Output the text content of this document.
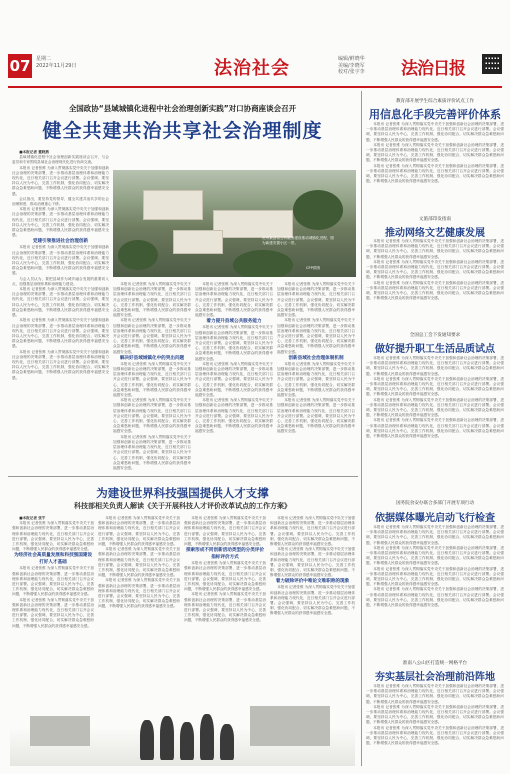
07	星期二
2022年11月29日	法治社会	编辑/鲜晓华
美编/李晓军
校对/张宇李 法治日报
全国政协“县域城镇化进程中社会治理创新实践”对口协商座谈会召开
健全共建共治共享社会治理制度

■本报记者 董晓燕

县域城镇化进程中社会治理创新实践座谈会召开，与会委员和专家围绕县域社会治理现代化进行协商交流。

本报讯 记者张维 为深入贯彻落实党中央关于加强和创新社会治理的决策部署，进一步推动基层治理体系和治理能力现代化，近日相关部门召开会议进行部署。会议强调，要坚持以人民为中心，完善工作机制，强化协同配合，切实解决群众急难愁盼问题，不断增强人民群众的获得感幸福感安全感。

会议指出，要坚持党的领导，健全共建共治共享的社会治理制度，推动治理重心下移。

本报讯 记者张维 为深入贯彻落实党中央关于加强和创新社会治理的决策部署，进一步推动基层治理体系和治理能力现代化，近日相关部门召开会议进行部署。会议强调，要坚持以人民为中心，完善工作机制，强化协同配合，切实解决群众急难愁盼问题，不断增强人民群众的获得感幸福感安全感。

党建引领推进社会治理创新

本报讯 记者张维 为深入贯彻落实党中央关于加强和创新社会治理的决策部署，进一步推动基层治理体系和治理能力现代化，近日相关部门召开会议进行部署。会议强调，要坚持以人民为中心，完善工作机制，强化协同配合，切实解决群众急难愁盼问题，不断增强人民群众的获得感幸福感安全感。

与会人员认为，要把县域作为城乡融合发展的重要切入点，加强基层治理体系和治理能力建设。

本报讯 记者张维 为深入贯彻落实党中央关于加强和创新社会治理的决策部署，进一步推动基层治理体系和治理能力现代化，近日相关部门召开会议进行部署。会议强调，要坚持以人民为中心，完善工作机制，强化协同配合，切实解决群众急难愁盼问题，不断增强人民群众的获得感幸福感安全感。

本报讯 记者张维 为深入贯彻落实党中央关于加强和创新社会治理的决策部署，进一步推动基层治理体系和治理能力现代化，近日相关部门召开会议进行部署。会议强调，要坚持以人民为中心，完善工作机制，强化协同配合，切实解决群众急难愁盼问题，不断增强人民群众的获得感幸福感安全感。

本报讯 记者张维 为深入贯彻落实党中央关于加强和创新社会治理的决策部署，进一步推动基层治理体系和治理能力现代化，近日相关部门召开会议进行部署。会议强调，要坚持以人民为中心，完善工作机制，强化协同配合，切实解决群众急难愁盼问题，不断增强人民群众的获得感幸福感安全感。

贵州某县以公共服务建设推动城镇化进程，图为新建安置小区一景。
CFP供图

本报讯 记者张维 为深入贯彻落实党中央关于加强和创新社会治理的决策部署，进一步推动基层治理体系和治理能力现代化，近日相关部门召开会议进行部署。会议强调，要坚持以人民为中心，完善工作机制，强化协同配合，切实解决群众急难愁盼问题，不断增强人民群众的获得感幸福感安全感。

本报讯 记者张维 为深入贯彻落实党中央关于加强和创新社会治理的决策部署，进一步推动基层治理体系和治理能力现代化，近日相关部门召开会议进行部署。会议强调，要坚持以人民为中心，完善工作机制，强化协同配合，切实解决群众急难愁盼问题，不断增强人民群众的获得感幸福感安全感。

解决好县域城镇化中的突出问题

本报讯 记者张维 为深入贯彻落实党中央关于加强和创新社会治理的决策部署，进一步推动基层治理体系和治理能力现代化，近日相关部门召开会议进行部署。会议强调，要坚持以人民为中心，完善工作机制，强化协同配合，切实解决群众急难愁盼问题，不断增强人民群众的获得感幸福感安全感。

本报讯 记者张维 为深入贯彻落实党中央关于加强和创新社会治理的决策部署，进一步推动基层治理体系和治理能力现代化，近日相关部门召开会议进行部署。会议强调，要坚持以人民为中心，完善工作机制，强化协同配合，切实解决群众急难愁盼问题，不断增强人民群众的获得感幸福感安全感。

本报讯 记者张维 为深入贯彻落实党中央关于加强和创新社会治理的决策部署，进一步推动基层治理体系和治理能力现代化，近日相关部门召开会议进行部署。会议强调，要坚持以人民为中心，完善工作机制，强化协同配合，切实解决群众急难愁盼问题，不断增强人民群众的获得感幸福感安全感。

本报讯 记者张维 为深入贯彻落实党中央关于加强和创新社会治理的决策部署，进一步推动基层治理体系和治理能力现代化，近日相关部门召开会议进行部署。会议强调，要坚持以人民为中心，完善工作机制，强化协同配合，切实解决群众急难愁盼问题，不断增强人民群众的获得感幸福感安全感。

着力提升县域公共服务能力

本报讯 记者张维 为深入贯彻落实党中央关于加强和创新社会治理的决策部署，进一步推动基层治理体系和治理能力现代化，近日相关部门召开会议进行部署。会议强调，要坚持以人民为中心，完善工作机制，强化协同配合，切实解决群众急难愁盼问题，不断增强人民群众的获得感幸福感安全感。

本报讯 记者张维 为深入贯彻落实党中央关于加强和创新社会治理的决策部署，进一步推动基层治理体系和治理能力现代化，近日相关部门召开会议进行部署。会议强调，要坚持以人民为中心，完善工作机制，强化协同配合，切实解决群众急难愁盼问题，不断增强人民群众的获得感幸福感安全感。

本报讯 记者张维 为深入贯彻落实党中央关于加强和创新社会治理的决策部署，进一步推动基层治理体系和治理能力现代化，近日相关部门召开会议进行部署。会议强调，要坚持以人民为中心，完善工作机制，强化协同配合，切实解决群众急难愁盼问题，不断增强人民群众的获得感幸福感安全感。

本报讯 记者张维 为深入贯彻落实党中央关于加强和创新社会治理的决策部署，进一步推动基层治理体系和治理能力现代化，近日相关部门召开会议进行部署。会议强调，要坚持以人民为中心，完善工作机制，强化协同配合，切实解决群众急难愁盼问题，不断增强人民群众的获得感幸福感安全感。

本报讯 记者张维 为深入贯彻落实党中央关于加强和创新社会治理的决策部署，进一步推动基层治理体系和治理能力现代化，近日相关部门召开会议进行部署。会议强调，要坚持以人民为中心，完善工作机制，强化协同配合，切实解决群众急难愁盼问题，不断增强人民群众的获得感幸福感安全感。

创新县域社会治理体制机制

本报讯 记者张维 为深入贯彻落实党中央关于加强和创新社会治理的决策部署，进一步推动基层治理体系和治理能力现代化，近日相关部门召开会议进行部署。会议强调，要坚持以人民为中心，完善工作机制，强化协同配合，切实解决群众急难愁盼问题，不断增强人民群众的获得感幸福感安全感。

本报讯 记者张维 为深入贯彻落实党中央关于加强和创新社会治理的决策部署，进一步推动基层治理体系和治理能力现代化，近日相关部门召开会议进行部署。会议强调，要坚持以人民为中心，完善工作机制，强化协同配合，切实解决群众急难愁盼问题，不断增强人民群众的获得感幸福感安全感。

为建设世界科技强国提供人才支撑
科技部相关负责人解读《关于开展科技人才评价改革试点的工作方案》

■本报记者 张宇

本报讯 记者张维 为深入贯彻落实党中央关于加强和创新社会治理的决策部署，进一步推动基层治理体系和治理能力现代化，近日相关部门召开会议进行部署。会议强调，要坚持以人民为中心，完善工作机制，强化协同配合，切实解决群众急难愁盼问题，不断增强人民群众的获得感幸福感安全感。

为经济社会高质量发展和科技强国建设打好人才基础

本报讯 记者张维 为深入贯彻落实党中央关于加强和创新社会治理的决策部署，进一步推动基层治理体系和治理能力现代化，近日相关部门召开会议进行部署。会议强调，要坚持以人民为中心，完善工作机制，强化协同配合，切实解决群众急难愁盼问题，不断增强人民群众的获得感幸福感安全感。

本报讯 记者张维 为深入贯彻落实党中央关于加强和创新社会治理的决策部署，进一步推动基层治理体系和治理能力现代化，近日相关部门召开会议进行部署。会议强调，要坚持以人民为中心，完善工作机制，强化协同配合，切实解决群众急难愁盼问题，不断增强人民群众的获得感幸福感安全感。

本报讯 记者张维 为深入贯彻落实党中央关于加强和创新社会治理的决策部署，进一步推动基层治理体系和治理能力现代化，近日相关部门召开会议进行部署。会议强调，要坚持以人民为中心，完善工作机制，强化协同配合，切实解决群众急难愁盼问题，不断增强人民群众的获得感幸福感安全感。

本报讯 记者张维 为深入贯彻落实党中央关于加强和创新社会治理的决策部署，进一步推动基层治理体系和治理能力现代化，近日相关部门召开会议进行部署。会议强调，要坚持以人民为中心，完善工作机制，强化协同配合，切实解决群众急难愁盼问题，不断增强人民群众的获得感幸福感安全感。

本报讯 记者张维 为深入贯彻落实党中央关于加强和创新社会治理的决策部署，进一步推动基层治理体系和治理能力现代化，近日相关部门召开会议进行部署。会议强调，要坚持以人民为中心，完善工作机制，强化协同配合，切实解决群众急难愁盼问题，不断增强人民群众的获得感幸福感安全感。

本报讯 记者张维 为深入贯彻落实党中央关于加强和创新社会治理的决策部署，进一步推动基层治理体系和治理能力现代化，近日相关部门召开会议进行部署。会议强调，要坚持以人民为中心，完善工作机制，强化协同配合，切实解决群众急难愁盼问题，不断增强人民群众的获得感幸福感安全感。

探索形成不同创新活动类型的分类评价指标评价方式

本报讯 记者张维 为深入贯彻落实党中央关于加强和创新社会治理的决策部署，进一步推动基层治理体系和治理能力现代化，近日相关部门召开会议进行部署。会议强调，要坚持以人民为中心，完善工作机制，强化协同配合，切实解决群众急难愁盼问题，不断增强人民群众的获得感幸福感安全感。

本报讯 记者张维 为深入贯彻落实党中央关于加强和创新社会治理的决策部署，进一步推动基层治理体系和治理能力现代化，近日相关部门召开会议进行部署。会议强调，要坚持以人民为中心，完善工作机制，强化协同配合，切实解决群众急难愁盼问题，不断增强人民群众的获得感幸福感安全感。

本报讯 记者张维 为深入贯彻落实党中央关于加强和创新社会治理的决策部署，进一步推动基层治理体系和治理能力现代化，近日相关部门召开会议进行部署。会议强调，要坚持以人民为中心，完善工作机制，强化协同配合，切实解决群众急难愁盼问题，不断增强人民群众的获得感幸福感安全感。

本报讯 记者张维 为深入贯彻落实党中央关于加强和创新社会治理的决策部署，进一步推动基层治理体系和治理能力现代化，近日相关部门召开会议进行部署。会议强调，要坚持以人民为中心，完善工作机制，强化协同配合，切实解决群众急难愁盼问题，不断增强人民群众的获得感幸福感安全感。

着力破除评价中唯论文唯职称的现象

本报讯 记者张维 为深入贯彻落实党中央关于加强和创新社会治理的决策部署，进一步推动基层治理体系和治理能力现代化，近日相关部门召开会议进行部署。会议强调，要坚持以人民为中心，完善工作机制，强化协同配合，切实解决群众急难愁盼问题，不断增强人民群众的获得感幸福感安全感。

教育部开展学生综合素质评价试点工作
用信息化手段完善评价体系

本报讯 记者张维 为深入贯彻落实党中央关于加强和创新社会治理的决策部署，进一步推动基层治理体系和治理能力现代化，近日相关部门召开会议进行部署。会议强调，要坚持以人民为中心，完善工作机制，强化协同配合，切实解决群众急难愁盼问题，不断增强人民群众的获得感幸福感安全感。

本报讯 记者张维 为深入贯彻落实党中央关于加强和创新社会治理的决策部署，进一步推动基层治理体系和治理能力现代化，近日相关部门召开会议进行部署。会议强调，要坚持以人民为中心，完善工作机制，强化协同配合，切实解决群众急难愁盼问题，不断增强人民群众的获得感幸福感安全感。

本报讯 记者张维 为深入贯彻落实党中央关于加强和创新社会治理的决策部署，进一步推动基层治理体系和治理能力现代化，近日相关部门召开会议进行部署。会议强调，要坚持以人民为中心，完善工作机制，强化协同配合，切实解决群众急难愁盼问题，不断增强人民群众的获得感幸福感安全感。

文旅部印发指南
推动网络文艺健康发展

本报讯 记者张维 为深入贯彻落实党中央关于加强和创新社会治理的决策部署，进一步推动基层治理体系和治理能力现代化，近日相关部门召开会议进行部署。会议强调，要坚持以人民为中心，完善工作机制，强化协同配合，切实解决群众急难愁盼问题，不断增强人民群众的获得感幸福感安全感。

本报讯 记者张维 为深入贯彻落实党中央关于加强和创新社会治理的决策部署，进一步推动基层治理体系和治理能力现代化，近日相关部门召开会议进行部署。会议强调，要坚持以人民为中心，完善工作机制，强化协同配合，切实解决群众急难愁盼问题，不断增强人民群众的获得感幸福感安全感。

本报讯 记者张维 为深入贯彻落实党中央关于加强和创新社会治理的决策部署，进一步推动基层治理体系和治理能力现代化，近日相关部门召开会议进行部署。会议强调，要坚持以人民为中心，完善工作机制，强化协同配合，切实解决群众急难愁盼问题，不断增强人民群众的获得感幸福感安全感。

全国总工会下发通知要求
做好提升职工生活品质试点

本报讯 记者张维 为深入贯彻落实党中央关于加强和创新社会治理的决策部署，进一步推动基层治理体系和治理能力现代化，近日相关部门召开会议进行部署。会议强调，要坚持以人民为中心，完善工作机制，强化协同配合，切实解决群众急难愁盼问题，不断增强人民群众的获得感幸福感安全感。

本报讯 记者张维 为深入贯彻落实党中央关于加强和创新社会治理的决策部署，进一步推动基层治理体系和治理能力现代化，近日相关部门召开会议进行部署。会议强调，要坚持以人民为中心，完善工作机制，强化协同配合，切实解决群众急难愁盼问题，不断增强人民群众的获得感幸福感安全感。

本报讯 记者张维 为深入贯彻落实党中央关于加强和创新社会治理的决策部署，进一步推动基层治理体系和治理能力现代化，近日相关部门召开会议进行部署。会议强调，要坚持以人民为中心，完善工作机制，强化协同配合，切实解决群众急难愁盼问题，不断增强人民群众的获得感幸福感安全感。

本报讯 记者张维 为深入贯彻落实党中央关于加强和创新社会治理的决策部署，进一步推动基层治理体系和治理能力现代化，近日相关部门召开会议进行部署。会议强调，要坚持以人民为中心，完善工作机制，强化协同配合，切实解决群众急难愁盼问题，不断增强人民群众的获得感幸福感安全感。

国务院食安办联合多部门开展专项行动
依据媒体曝光启动飞行检查

本报讯 记者张维 为深入贯彻落实党中央关于加强和创新社会治理的决策部署，进一步推动基层治理体系和治理能力现代化，近日相关部门召开会议进行部署。会议强调，要坚持以人民为中心，完善工作机制，强化协同配合，切实解决群众急难愁盼问题，不断增强人民群众的获得感幸福感安全感。

本报讯 记者张维 为深入贯彻落实党中央关于加强和创新社会治理的决策部署，进一步推动基层治理体系和治理能力现代化，近日相关部门召开会议进行部署。会议强调，要坚持以人民为中心，完善工作机制，强化协同配合，切实解决群众急难愁盼问题，不断增强人民群众的获得感幸福感安全感。

本报讯 记者张维 为深入贯彻落实党中央关于加强和创新社会治理的决策部署，进一步推动基层治理体系和治理能力现代化，近日相关部门召开会议进行部署。会议强调，要坚持以人民为中心，完善工作机制，强化协同配合，切实解决群众急难愁盼问题，不断增强人民群众的获得感幸福感安全感。

本报讯 记者张维 为深入贯彻落实党中央关于加强和创新社会治理的决策部署，进一步推动基层治理体系和治理能力现代化，近日相关部门召开会议进行部署。会议强调，要坚持以人民为中心，完善工作机制，强化协同配合，切实解决群众急难愁盼问题，不断增强人民群众的获得感幸福感安全感。

淮南八公山区打造统一网格平台
夯实基层社会治理前沿阵地

本报讯 记者张维 为深入贯彻落实党中央关于加强和创新社会治理的决策部署，进一步推动基层治理体系和治理能力现代化，近日相关部门召开会议进行部署。会议强调，要坚持以人民为中心，完善工作机制，强化协同配合，切实解决群众急难愁盼问题，不断增强人民群众的获得感幸福感安全感。

本报讯 记者张维 为深入贯彻落实党中央关于加强和创新社会治理的决策部署，进一步推动基层治理体系和治理能力现代化，近日相关部门召开会议进行部署。会议强调，要坚持以人民为中心，完善工作机制，强化协同配合，切实解决群众急难愁盼问题，不断增强人民群众的获得感幸福感安全感。

本报讯 记者张维 为深入贯彻落实党中央关于加强和创新社会治理的决策部署，进一步推动基层治理体系和治理能力现代化，近日相关部门召开会议进行部署。会议强调，要坚持以人民为中心，完善工作机制，强化协同配合，切实解决群众急难愁盼问题，不断增强人民群众的获得感幸福感安全感。
